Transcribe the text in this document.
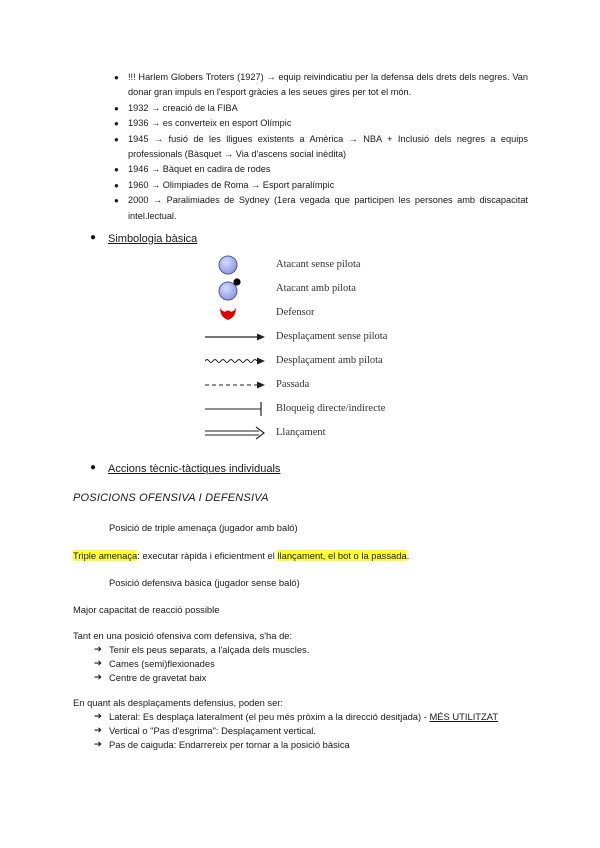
● !!! Harlem Globers Troters (1927) → equip reivindicatiu per la defensa dels drets dels negres. Van donar gran impuls en l'esport gràcies a les seues gires per tot el món.
● 1932 → creació de la FIBA
● 1936 → es converteix en esport Olímpic
● 1945 → fusió de les lligues existents a Amèrica → NBA + Inclusió dels negres a equips professionals (Bàsquet → Via d'ascens social inèdita)
● 1946 → Bàquet en cadira de rodes
● 1960 → Olimpiades de Roma → Esport paralímpic
● 2000 → Paralimiades de Sydney (1era vegada que participen les persones amb discapacitat intel.lectual.
● Simbologia bàsica
Atacant sense pilota
Atacant amb pilota
Defensor
Desplaçament sense pilota
Desplaçament amb pilota
Passada
Bloqueig directe/indirecte
Llançament
● Accions tècnic-tàctiques individuals
POSICIONS OFENSIVA I DEFENSIVA
Posició de triple amenaça (jugador amb baló)
Triple amenaça: executar ràpida i eficientment el llançament, el bot o la passada.
Posició defensiva bàsica (jugador sense baló)
Major capacitat de reacció possible
Tant en una posició ofensiva com defensiva, s'ha de:
➔ Tenir els peus separats, a l'alçada dels muscles.
➔ Cames (semi)flexionades
➔ Centre de gravetat baix
En quant als desplaçaments defensius, poden ser:
➔ Lateral: Es desplaça lateralment (el peu més pròxim a la direcció desitjada) - MÉS UTILITZAT
➔ Vertical o "Pas d'esgrima": Desplaçament vertical.
➔ Pas de caiguda: Endarrereix per tornar a la posició bàsica
